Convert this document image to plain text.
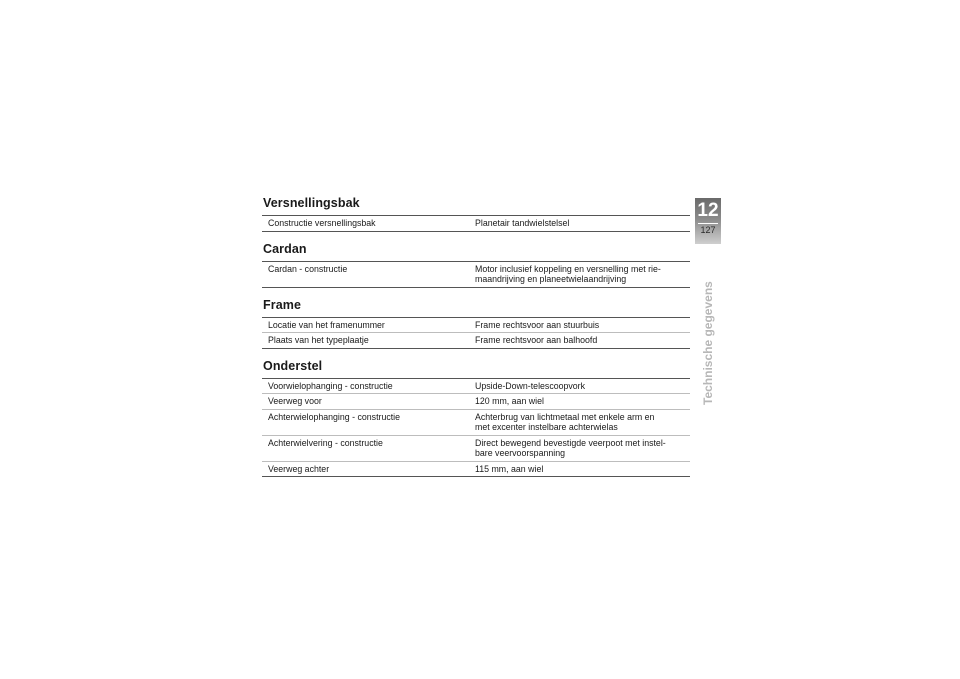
Versnellingsbak
Constructie versnellingsbak	Planetair tandwielstelsel
Cardan
Cardan - constructie	Motor inclusief koppeling en versnelling met rie-
maandrijving en planeetwielaandrijving
Frame
Locatie van het framenummer	Frame rechtsvoor aan stuurbuis
Plaats van het typeplaatje	Frame rechtsvoor aan balhoofd
Onderstel
Voorwielophanging - constructie	Upside-Down-telescoopvork
Veerweg voor	120 mm, aan wiel
Achterwielophanging - constructie	Achterbrug van lichtmetaal met enkele arm en
met excenter instelbare achterwielas
Achterwielvering - constructie	Direct bewegend bevestigde veerpoot met instel-
bare veervoorspanning
Veerweg achter	115 mm, aan wiel
12
127
Technische gegevens
